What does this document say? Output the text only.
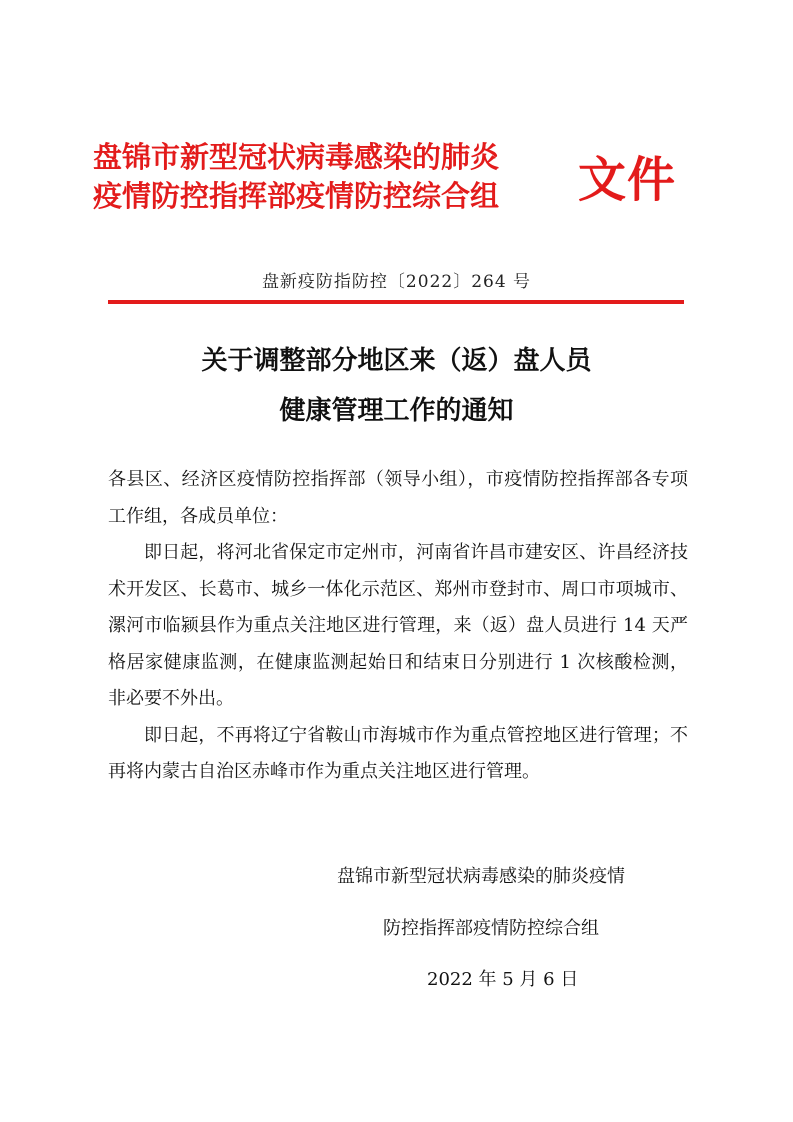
盘锦市新型冠状病毒感染的肺炎
疫情防控指挥部疫情防控综合组	文件
盘新疫防指防控〔2022〕264 号
关于调整部分地区来（返）盘人员
健康管理工作的通知

各县区、经济区疫情防控指挥部（领导小组），市疫情防控指挥部各专项工作组，各成员单位：

即日起，将河北省保定市定州市，河南省许昌市建安区、许昌经济技术开发区、长葛市、城乡一体化示范区、郑州市登封市、周口市项城市、漯河市临颍县作为重点关注地区进行管理，来（返）盘人员进行 14 天严格居家健康监测，在健康监测起始日和结束日分别进行 1 次核酸检测，非必要不外出。

即日起，不再将辽宁省鞍山市海城市作为重点管控地区进行管理；不再将内蒙古自治区赤峰市作为重点关注地区进行管理。

盘锦市新型冠状病毒感染的肺炎疫情
防控指挥部疫情防控综合组
2022 年 5 月 6 日
